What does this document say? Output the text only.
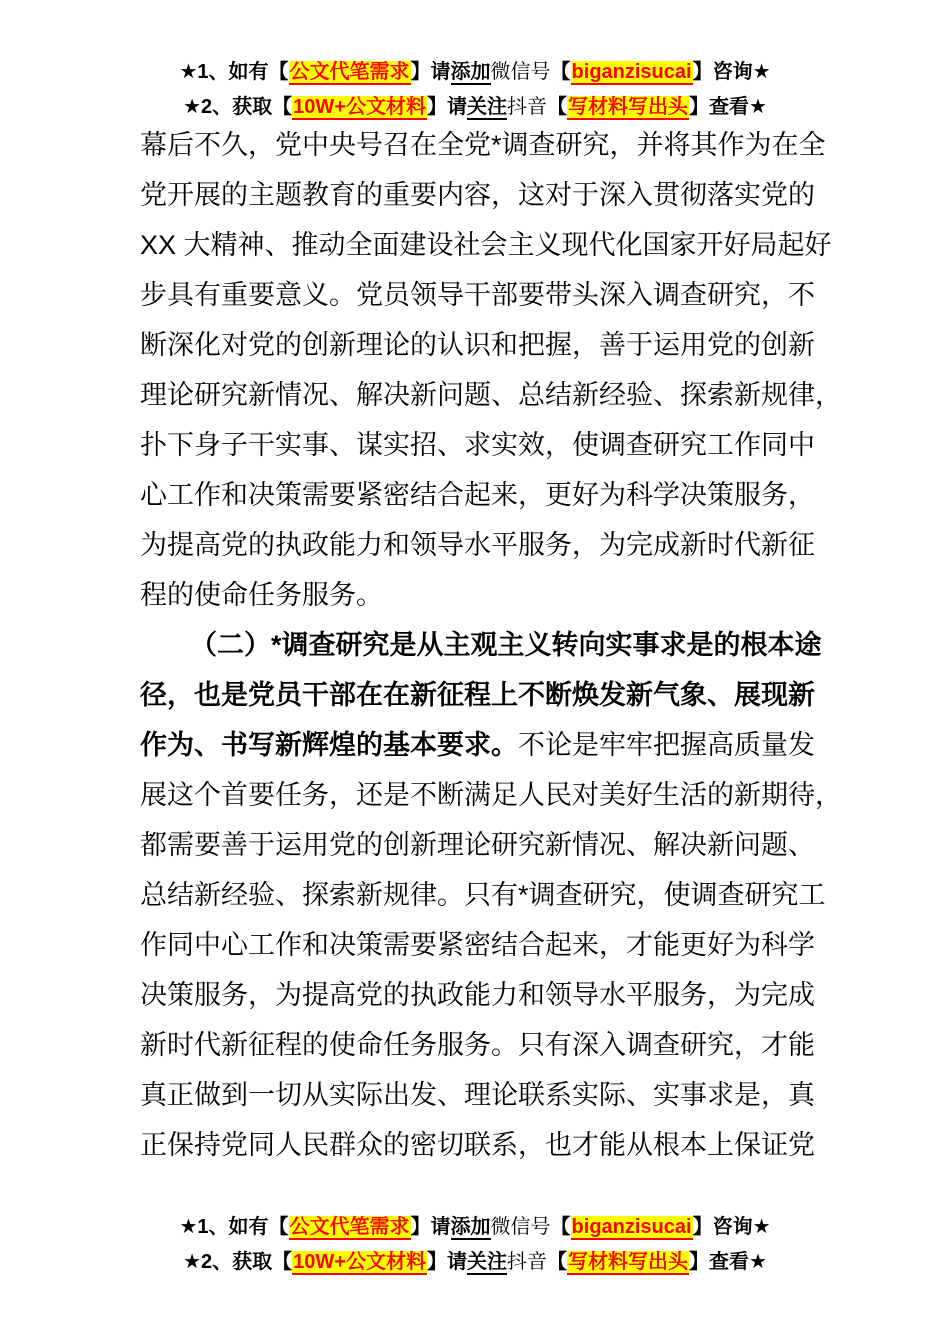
★1、如有【公文代笔需求】请添加微信号【biganzisucai】咨询★
★2、获取【10W+公文材料】请关注抖音【写材料写出头】查看★
幕后不久，党中央号召在全党*调查研究，并将其作为在全
党开展的主题教育的重要内容，这对于深入贯彻落实党的
XX 大精神、推动全面建设社会主义现代化国家开好局起好
步具有重要意义。党员领导干部要带头深入调查研究，不
断深化对党的创新理论的认识和把握，善于运用党的创新
理论研究新情况、解决新问题、总结新经验、探索新规律，
扑下身子干实事、谋实招、求实效，使调查研究工作同中
心工作和决策需要紧密结合起来，更好为科学决策服务，
为提高党的执政能力和领导水平服务，为完成新时代新征
程的使命任务服务。
（二）*调查研究是从主观主义转向实事求是的根本途
径，也是党员干部在在新征程上不断焕发新气象、展现新
作为、书写新辉煌的基本要求。不论是牢牢把握高质量发
展这个首要任务，还是不断满足人民对美好生活的新期待，
都需要善于运用党的创新理论研究新情况、解决新问题、
总结新经验、探索新规律。只有*调查研究，使调查研究工
作同中心工作和决策需要紧密结合起来，才能更好为科学
决策服务，为提高党的执政能力和领导水平服务，为完成
新时代新征程的使命任务服务。只有深入调查研究，才能
真正做到一切从实际出发、理论联系实际、实事求是，真
正保持党同人民群众的密切联系，也才能从根本上保证党
★1、如有【公文代笔需求】请添加微信号【biganzisucai】咨询★
★2、获取【10W+公文材料】请关注抖音【写材料写出头】查看★
